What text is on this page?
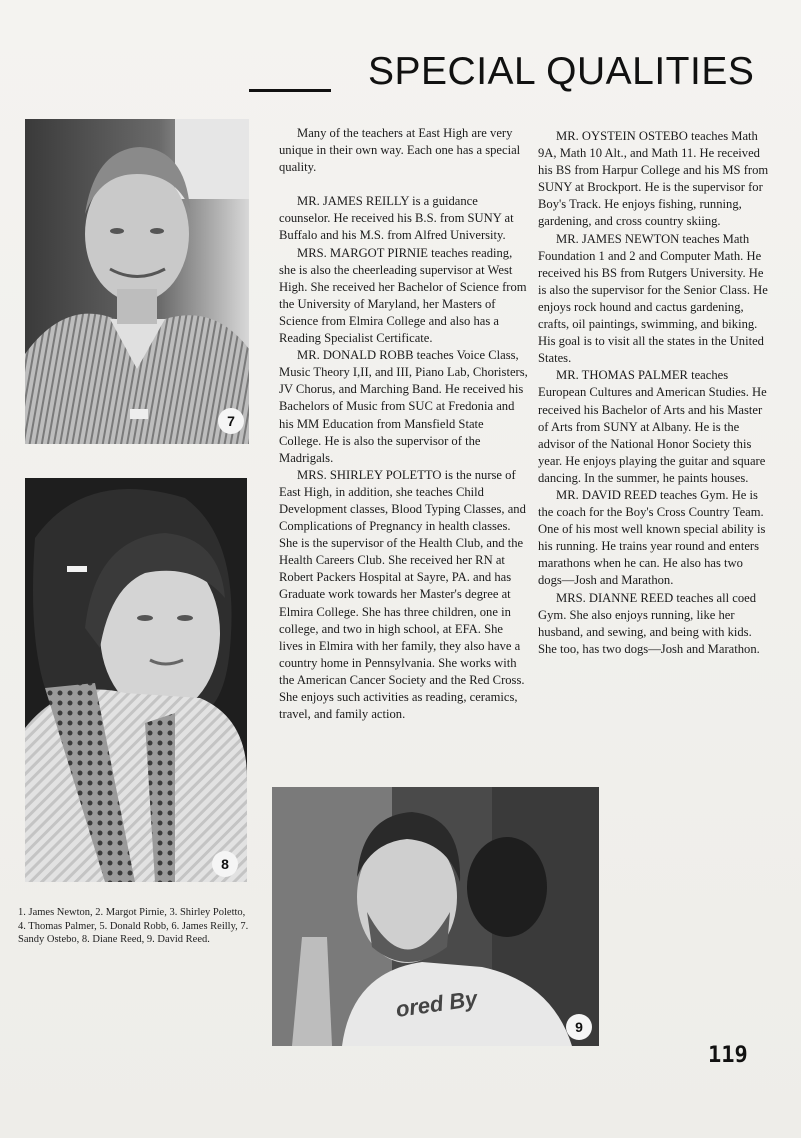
SPECIAL QUALITIES
7
8
1. James Newton, 2. Margot Pirnie, 3. Shirley Poletto, 4. Thomas Palmer, 5. Donald Robb, 6. James Reilly, 7. Sandy Ostebo, 8. Diane Reed, 9. David Reed.
ored By
9

Many of the teachers at East High are very unique in their own way. Each one has a special quality.

MR. JAMES REILLY is a guidance counselor. He received his B.S. from SUNY at Buffalo and his M.S. from Alfred University.

MRS. MARGOT PIRNIE teaches reading, she is also the cheerleading supervisor at West High. She received her Bachelor of Science from the University of Maryland, her Masters of Science from Elmira College and also has a Reading Specialist Certificate.

MR. DONALD ROBB teaches Voice Class, Music Theory I,II, and III, Piano Lab, Choristers, JV Chorus, and Marching Band. He received his Bachelors of Music from SUC at Fredonia and his MM Education from Mansfield State College. He is also the supervisor of the Madrigals.

MRS. SHIRLEY POLETTO is the nurse of East High, in addition, she teaches Child Development classes, Blood Typing Classes, and Complications of Pregnancy in health classes. She is the supervisor of the Health Club, and the Health Careers Club. She received her RN at Robert Packers Hospital at Sayre, PA. and has Graduate work towards her Master's degree at Elmira College. She has three children, one in college, and two in high school, at EFA. She lives in Elmira with her family, they also have a country home in Pennsylvania. She works with the American Cancer Society and the Red Cross. She enjoys such activities as reading, ceramics, travel, and family action.

MR. OYSTEIN OSTEBO teaches Math 9A, Math 10 Alt., and Math 11. He received his BS from Harpur College and his MS from SUNY at Brockport. He is the supervisor for Boy's Track. He enjoys fishing, running, gardening, and cross country skiing.

MR. JAMES NEWTON teaches Math Foundation 1 and 2 and Computer Math. He received his BS from Rutgers University. He is also the supervisor for the Senior Class. He enjoys rock hound and cactus gardening, crafts, oil paintings, swimming, and biking. His goal is to visit all the states in the United States.

MR. THOMAS PALMER teaches European Cultures and American Studies. He received his Bachelor of Arts and his Master of Arts from SUNY at Albany. He is the advisor of the National Honor Society this year. He enjoys playing the guitar and square dancing. In the summer, he paints houses.

MR. DAVID REED teaches Gym. He is the coach for the Boy's Cross Country Team. One of his most well known special ability is his running. He trains year round and enters marathons when he can. He also has two dogs—Josh and Marathon.

MRS. DIANNE REED teaches all coed Gym. She also enjoys running, like her husband, and sewing, and being with kids. She too, has two dogs—Josh and Marathon.

119
